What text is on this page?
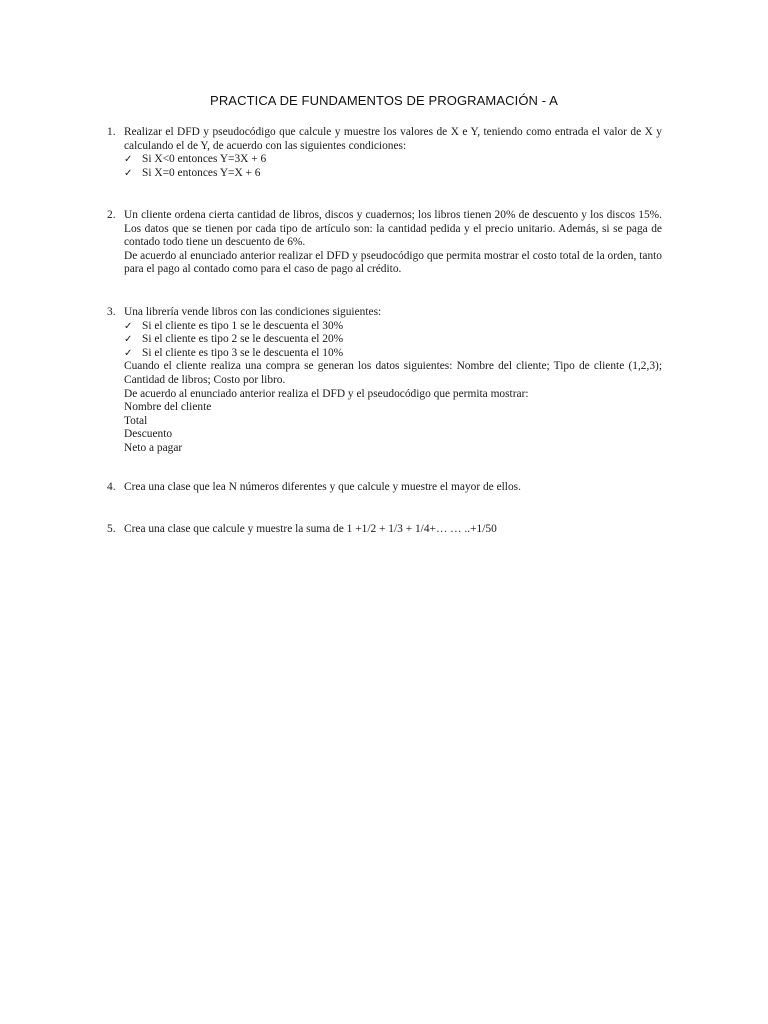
PRACTICA DE FUNDAMENTOS DE PROGRAMACIÓN - A
1. Realizar el DFD y pseudocódigo que calcule y muestre los valores de X e Y, teniendo como entrada el valor de X y
calculando el de Y, de acuerdo con las siguientes condiciones:
✓ Si X<0 entonces Y=3X + 6
✓ Si X=0 entonces Y=X + 6
2. Un cliente ordena cierta cantidad de libros, discos y cuadernos; los libros tienen 20% de descuento y los discos 15%.
Los datos que se tienen por cada tipo de artículo son: la cantidad pedida y el precio unitario. Además, si se paga de
contado todo tiene un descuento de 6%.
De acuerdo al enunciado anterior realizar el DFD y pseudocódigo que permita mostrar el costo total de la orden, tanto
para el pago al contado como para el caso de pago al crédito.
3. Una librería vende libros con las condiciones siguientes:
✓ Si el cliente es tipo 1 se le descuenta el 30%
✓ Si el cliente es tipo 2 se le descuenta el 20%
✓ Si el cliente es tipo 3 se le descuenta el 10%
Cuando el cliente realiza una compra se generan los datos siguientes: Nombre del cliente; Tipo de cliente (1,2,3);
Cantidad de libros; Costo por libro.
De acuerdo al enunciado anterior realiza el DFD y el pseudocódigo que permita mostrar:
Nombre del cliente
Total
Descuento
Neto a pagar
4. Crea una clase que lea N números diferentes y que calcule y muestre el mayor de ellos.
5. Crea una clase que calcule y muestre la suma de 1 +1/2 + 1/3 + 1/4+… … ..+1/50
